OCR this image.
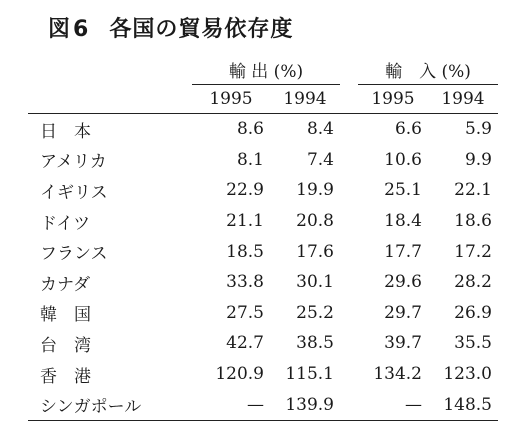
図6 各国の貿易依存度
	輸 出 (%)			輸　入 (%)	
	1995	1994		1995	1994
日　本	8.6	8.4		6.6	5.9
アメリカ	8.1	7.4		10.6	9.9
イギリス	22.9	19.9		25.1	22.1
ドイツ	21.1	20.8		18.4	18.6
フランス	18.5	17.6		17.7	17.2
カナダ	33.8	30.1		29.6	28.2
韓　国	27.5	25.2		29.7	26.9
台　湾	42.7	38.5		39.7	35.5
香　港	120.9	115.1		134.2	123.0
シンガポール	—	139.9		—	148.5
